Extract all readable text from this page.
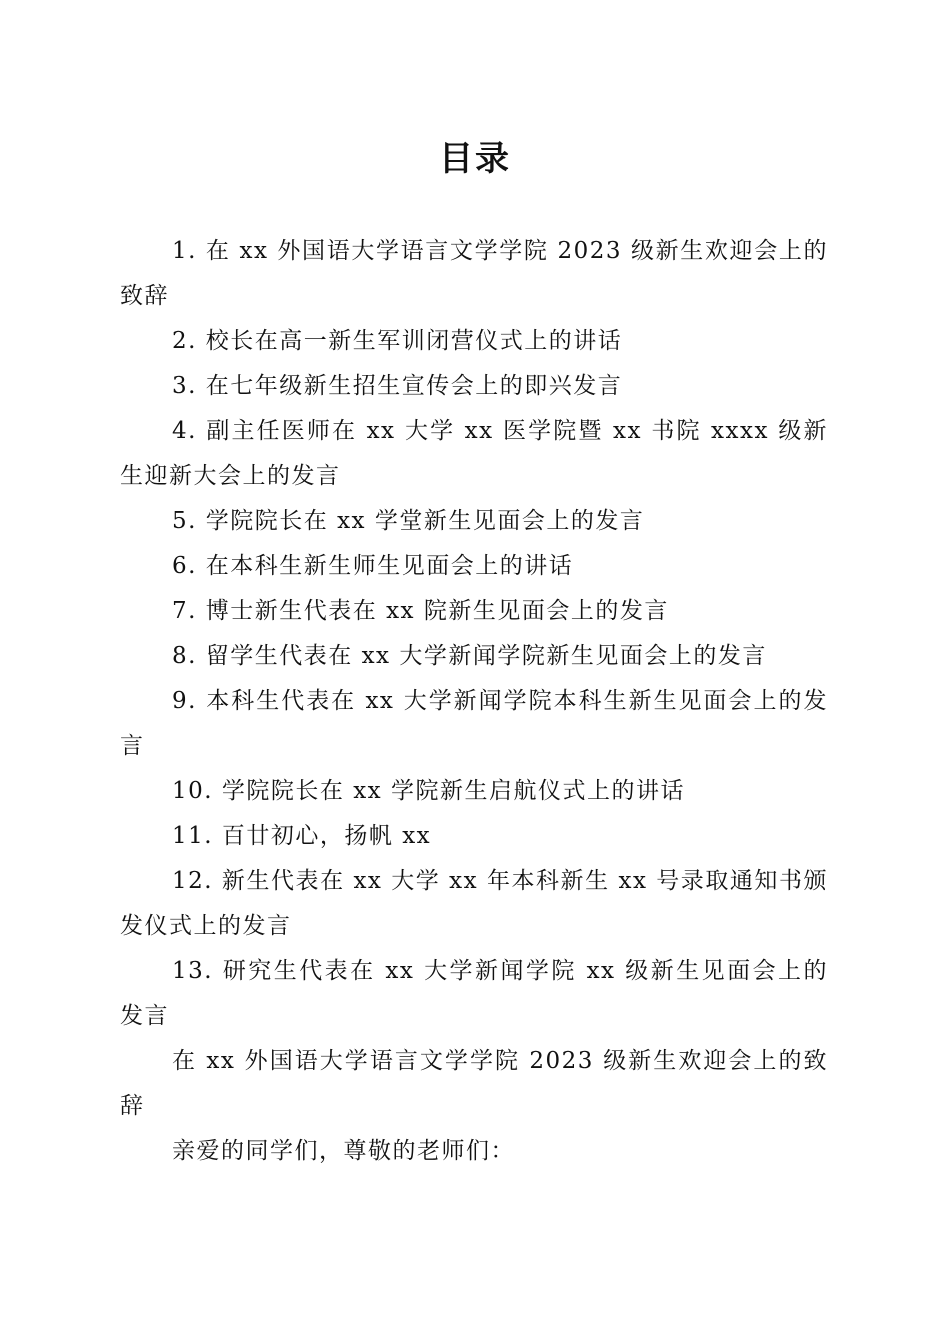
目录

1. 在 xx 外国语大学语言文学学院 2023 级新生欢迎会上的致辞

2. 校长在高一新生军训闭营仪式上的讲话

3. 在七年级新生招生宣传会上的即兴发言

4. 副主任医师在 xx 大学 xx 医学院暨 xx 书院 xxxx 级新生迎新大会上的发言

5. 学院院长在 xx 学堂新生见面会上的发言

6. 在本科生新生师生见面会上的讲话

7. 博士新生代表在 xx 院新生见面会上的发言

8. 留学生代表在 xx 大学新闻学院新生见面会上的发言

9. 本科生代表在 xx 大学新闻学院本科生新生见面会上的发言

10. 学院院长在 xx 学院新生启航仪式上的讲话

11. 百廿初心，扬帆 xx

12. 新生代表在 xx 大学 xx 年本科新生 xx 号录取通知书颁发仪式上的发言

13. 研究生代表在 xx 大学新闻学院 xx 级新生见面会上的发言

在 xx 外国语大学语言文学学院 2023 级新生欢迎会上的致辞

亲爱的同学们，尊敬的老师们：
